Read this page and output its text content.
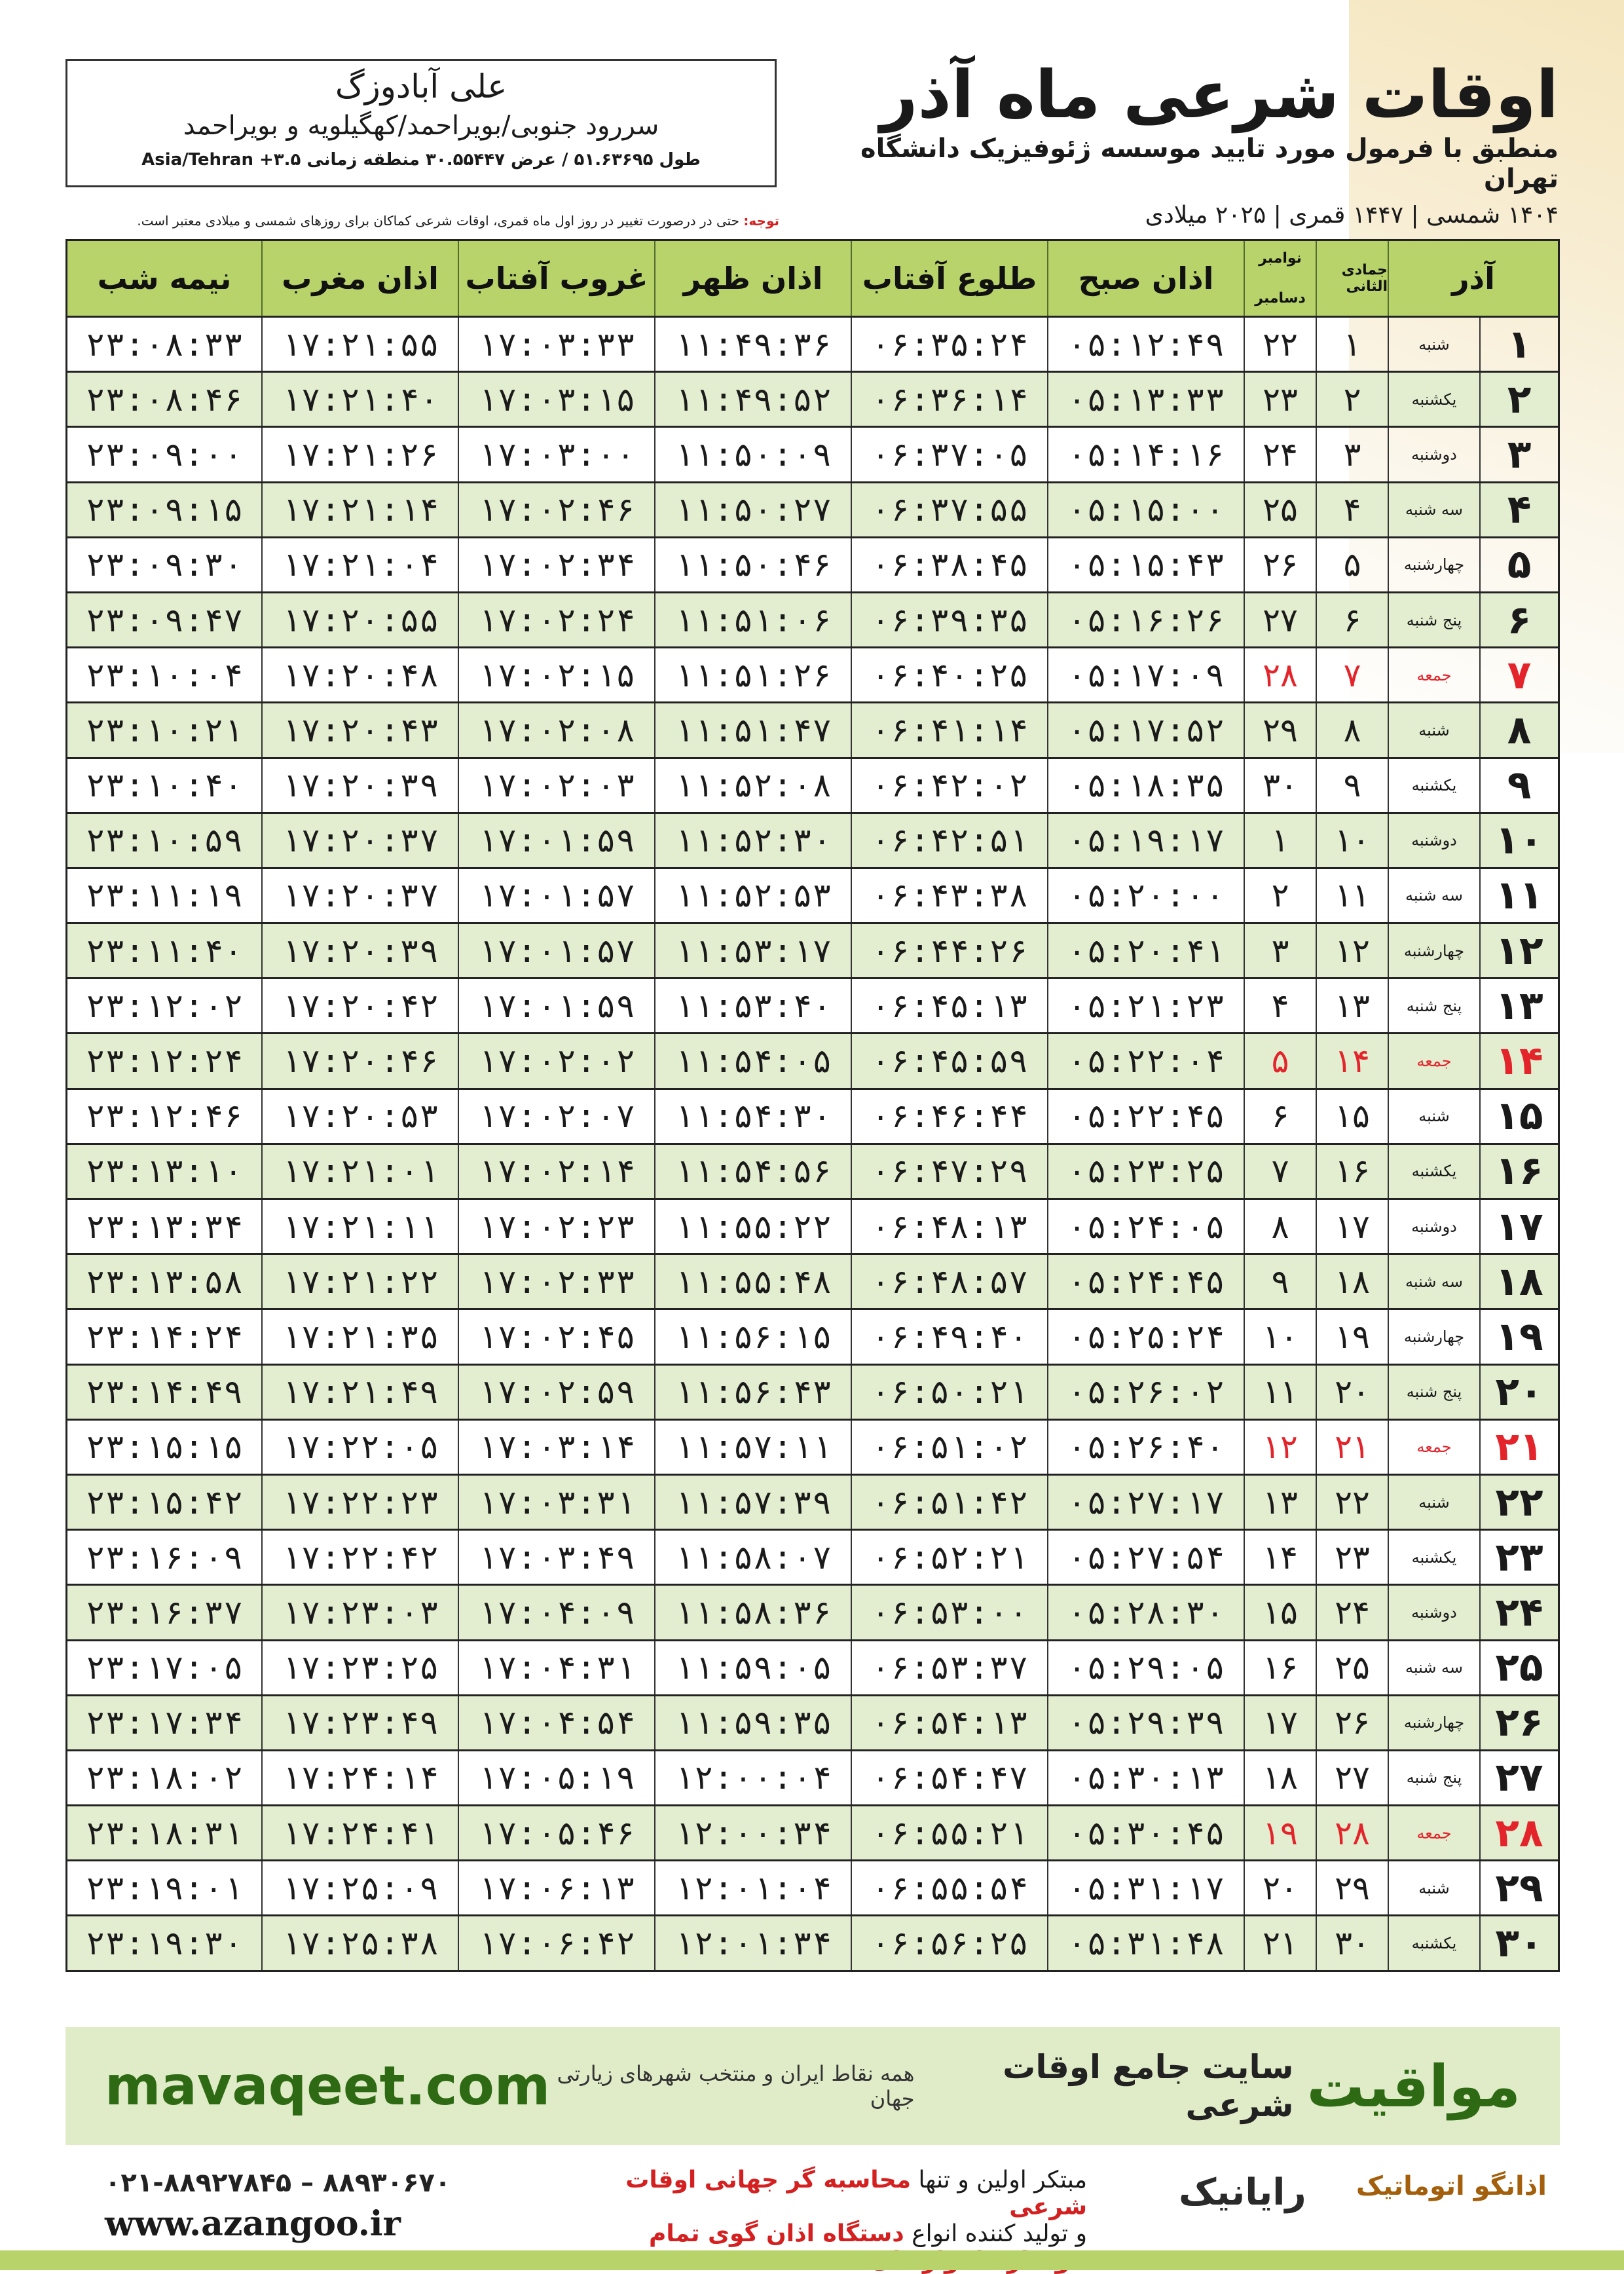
علی آبادوزگ
سررود جنوبی/بویراحمد/کهگیلویه و بویراحمد
طول ۵۱.۶۳۶۹۵ / عرض ۳۰.۵۵۴۴۷ منطقه زمانی ۳.۵+ Asia/Tehran
اوقات شرعی ماه آذر
منطبق با فرمول مورد تایید موسسه ژئوفیزیک دانشگاه تهران
۱۴۰۴ شمسی | ۱۴۴۷ قمری | ۲۰۲۵ میلادی
توجه: حتی در درصورت تغییر در روز اول ماه قمری، اوقات شرعی کماکان برای روزهای شمسی و میلادی معتبر است.
آذر
جمادی الثانی
نوامبر
دسامبر
اذان صبح
طلوع آفتاب
اذان ظهر
غروب آفتاب
اذان مغرب
نیمه شب
۱
شنبه
۱
۲۲
۰۵:۱۲:۴۹
۰۶:۳۵:۲۴
۱۱:۴۹:۳۶
۱۷:۰۳:۳۳
۱۷:۲۱:۵۵
۲۳:۰۸:۳۳
۲
یکشنبه
۲
۲۳
۰۵:۱۳:۳۳
۰۶:۳۶:۱۴
۱۱:۴۹:۵۲
۱۷:۰۳:۱۵
۱۷:۲۱:۴۰
۲۳:۰۸:۴۶
۳
دوشنبه
۳
۲۴
۰۵:۱۴:۱۶
۰۶:۳۷:۰۵
۱۱:۵۰:۰۹
۱۷:۰۳:۰۰
۱۷:۲۱:۲۶
۲۳:۰۹:۰۰
۴
سه شنبه
۴
۲۵
۰۵:۱۵:۰۰
۰۶:۳۷:۵۵
۱۱:۵۰:۲۷
۱۷:۰۲:۴۶
۱۷:۲۱:۱۴
۲۳:۰۹:۱۵
۵
چهارشنبه
۵
۲۶
۰۵:۱۵:۴۳
۰۶:۳۸:۴۵
۱۱:۵۰:۴۶
۱۷:۰۲:۳۴
۱۷:۲۱:۰۴
۲۳:۰۹:۳۰
۶
پنج شنبه
۶
۲۷
۰۵:۱۶:۲۶
۰۶:۳۹:۳۵
۱۱:۵۱:۰۶
۱۷:۰۲:۲۴
۱۷:۲۰:۵۵
۲۳:۰۹:۴۷
۷
جمعه
۷
۲۸
۰۵:۱۷:۰۹
۰۶:۴۰:۲۵
۱۱:۵۱:۲۶
۱۷:۰۲:۱۵
۱۷:۲۰:۴۸
۲۳:۱۰:۰۴
۸
شنبه
۸
۲۹
۰۵:۱۷:۵۲
۰۶:۴۱:۱۴
۱۱:۵۱:۴۷
۱۷:۰۲:۰۸
۱۷:۲۰:۴۳
۲۳:۱۰:۲۱
۹
یکشنبه
۹
۳۰
۰۵:۱۸:۳۵
۰۶:۴۲:۰۲
۱۱:۵۲:۰۸
۱۷:۰۲:۰۳
۱۷:۲۰:۳۹
۲۳:۱۰:۴۰
۱۰
دوشنبه
۱۰
۱
۰۵:۱۹:۱۷
۰۶:۴۲:۵۱
۱۱:۵۲:۳۰
۱۷:۰۱:۵۹
۱۷:۲۰:۳۷
۲۳:۱۰:۵۹
۱۱
سه شنبه
۱۱
۲
۰۵:۲۰:۰۰
۰۶:۴۳:۳۸
۱۱:۵۲:۵۳
۱۷:۰۱:۵۷
۱۷:۲۰:۳۷
۲۳:۱۱:۱۹
۱۲
چهارشنبه
۱۲
۳
۰۵:۲۰:۴۱
۰۶:۴۴:۲۶
۱۱:۵۳:۱۷
۱۷:۰۱:۵۷
۱۷:۲۰:۳۹
۲۳:۱۱:۴۰
۱۳
پنج شنبه
۱۳
۴
۰۵:۲۱:۲۳
۰۶:۴۵:۱۳
۱۱:۵۳:۴۰
۱۷:۰۱:۵۹
۱۷:۲۰:۴۲
۲۳:۱۲:۰۲
۱۴
جمعه
۱۴
۵
۰۵:۲۲:۰۴
۰۶:۴۵:۵۹
۱۱:۵۴:۰۵
۱۷:۰۲:۰۲
۱۷:۲۰:۴۶
۲۳:۱۲:۲۴
۱۵
شنبه
۱۵
۶
۰۵:۲۲:۴۵
۰۶:۴۶:۴۴
۱۱:۵۴:۳۰
۱۷:۰۲:۰۷
۱۷:۲۰:۵۳
۲۳:۱۲:۴۶
۱۶
یکشنبه
۱۶
۷
۰۵:۲۳:۲۵
۰۶:۴۷:۲۹
۱۱:۵۴:۵۶
۱۷:۰۲:۱۴
۱۷:۲۱:۰۱
۲۳:۱۳:۱۰
۱۷
دوشنبه
۱۷
۸
۰۵:۲۴:۰۵
۰۶:۴۸:۱۳
۱۱:۵۵:۲۲
۱۷:۰۲:۲۳
۱۷:۲۱:۱۱
۲۳:۱۳:۳۴
۱۸
سه شنبه
۱۸
۹
۰۵:۲۴:۴۵
۰۶:۴۸:۵۷
۱۱:۵۵:۴۸
۱۷:۰۲:۳۳
۱۷:۲۱:۲۲
۲۳:۱۳:۵۸
۱۹
چهارشنبه
۱۹
۱۰
۰۵:۲۵:۲۴
۰۶:۴۹:۴۰
۱۱:۵۶:۱۵
۱۷:۰۲:۴۵
۱۷:۲۱:۳۵
۲۳:۱۴:۲۴
۲۰
پنج شنبه
۲۰
۱۱
۰۵:۲۶:۰۲
۰۶:۵۰:۲۱
۱۱:۵۶:۴۳
۱۷:۰۲:۵۹
۱۷:۲۱:۴۹
۲۳:۱۴:۴۹
۲۱
جمعه
۲۱
۱۲
۰۵:۲۶:۴۰
۰۶:۵۱:۰۲
۱۱:۵۷:۱۱
۱۷:۰۳:۱۴
۱۷:۲۲:۰۵
۲۳:۱۵:۱۵
۲۲
شنبه
۲۲
۱۳
۰۵:۲۷:۱۷
۰۶:۵۱:۴۲
۱۱:۵۷:۳۹
۱۷:۰۳:۳۱
۱۷:۲۲:۲۳
۲۳:۱۵:۴۲
۲۳
یکشنبه
۲۳
۱۴
۰۵:۲۷:۵۴
۰۶:۵۲:۲۱
۱۱:۵۸:۰۷
۱۷:۰۳:۴۹
۱۷:۲۲:۴۲
۲۳:۱۶:۰۹
۲۴
دوشنبه
۲۴
۱۵
۰۵:۲۸:۳۰
۰۶:۵۳:۰۰
۱۱:۵۸:۳۶
۱۷:۰۴:۰۹
۱۷:۲۳:۰۳
۲۳:۱۶:۳۷
۲۵
سه شنبه
۲۵
۱۶
۰۵:۲۹:۰۵
۰۶:۵۳:۳۷
۱۱:۵۹:۰۵
۱۷:۰۴:۳۱
۱۷:۲۳:۲۵
۲۳:۱۷:۰۵
۲۶
چهارشنبه
۲۶
۱۷
۰۵:۲۹:۳۹
۰۶:۵۴:۱۳
۱۱:۵۹:۳۵
۱۷:۰۴:۵۴
۱۷:۲۳:۴۹
۲۳:۱۷:۳۴
۲۷
پنج شنبه
۲۷
۱۸
۰۵:۳۰:۱۳
۰۶:۵۴:۴۷
۱۲:۰۰:۰۴
۱۷:۰۵:۱۹
۱۷:۲۴:۱۴
۲۳:۱۸:۰۲
۲۸
جمعه
۲۸
۱۹
۰۵:۳۰:۴۵
۰۶:۵۵:۲۱
۱۲:۰۰:۳۴
۱۷:۰۵:۴۶
۱۷:۲۴:۴۱
۲۳:۱۸:۳۱
۲۹
شنبه
۲۹
۲۰
۰۵:۳۱:۱۷
۰۶:۵۵:۵۴
۱۲:۰۱:۰۴
۱۷:۰۶:۱۳
۱۷:۲۵:۰۹
۲۳:۱۹:۰۱
۳۰
یکشنبه
۳۰
۲۱
۰۵:۳۱:۴۸
۰۶:۵۶:۲۵
۱۲:۰۱:۳۴
۱۷:۰۶:۴۲
۱۷:۲۵:۳۸
۲۳:۱۹:۳۰
mavaqeet.com	مواقیت
سایت جامع اوقات شرعی
همه نقاط ایران و منتخب شهرهای زیارتی جهان
۰۲۱-۸۸۹۲۷۸۴۵ – ۸۸۹۳۰۶۷۰
www.azangoo.ir
مبتکر اولین و تنها محاسبه گر جهانی اوقات شرعی
و تولید کننده انواع دستگاه اذان گوی تمام
رایانیک اذانگو اتوماتیک
